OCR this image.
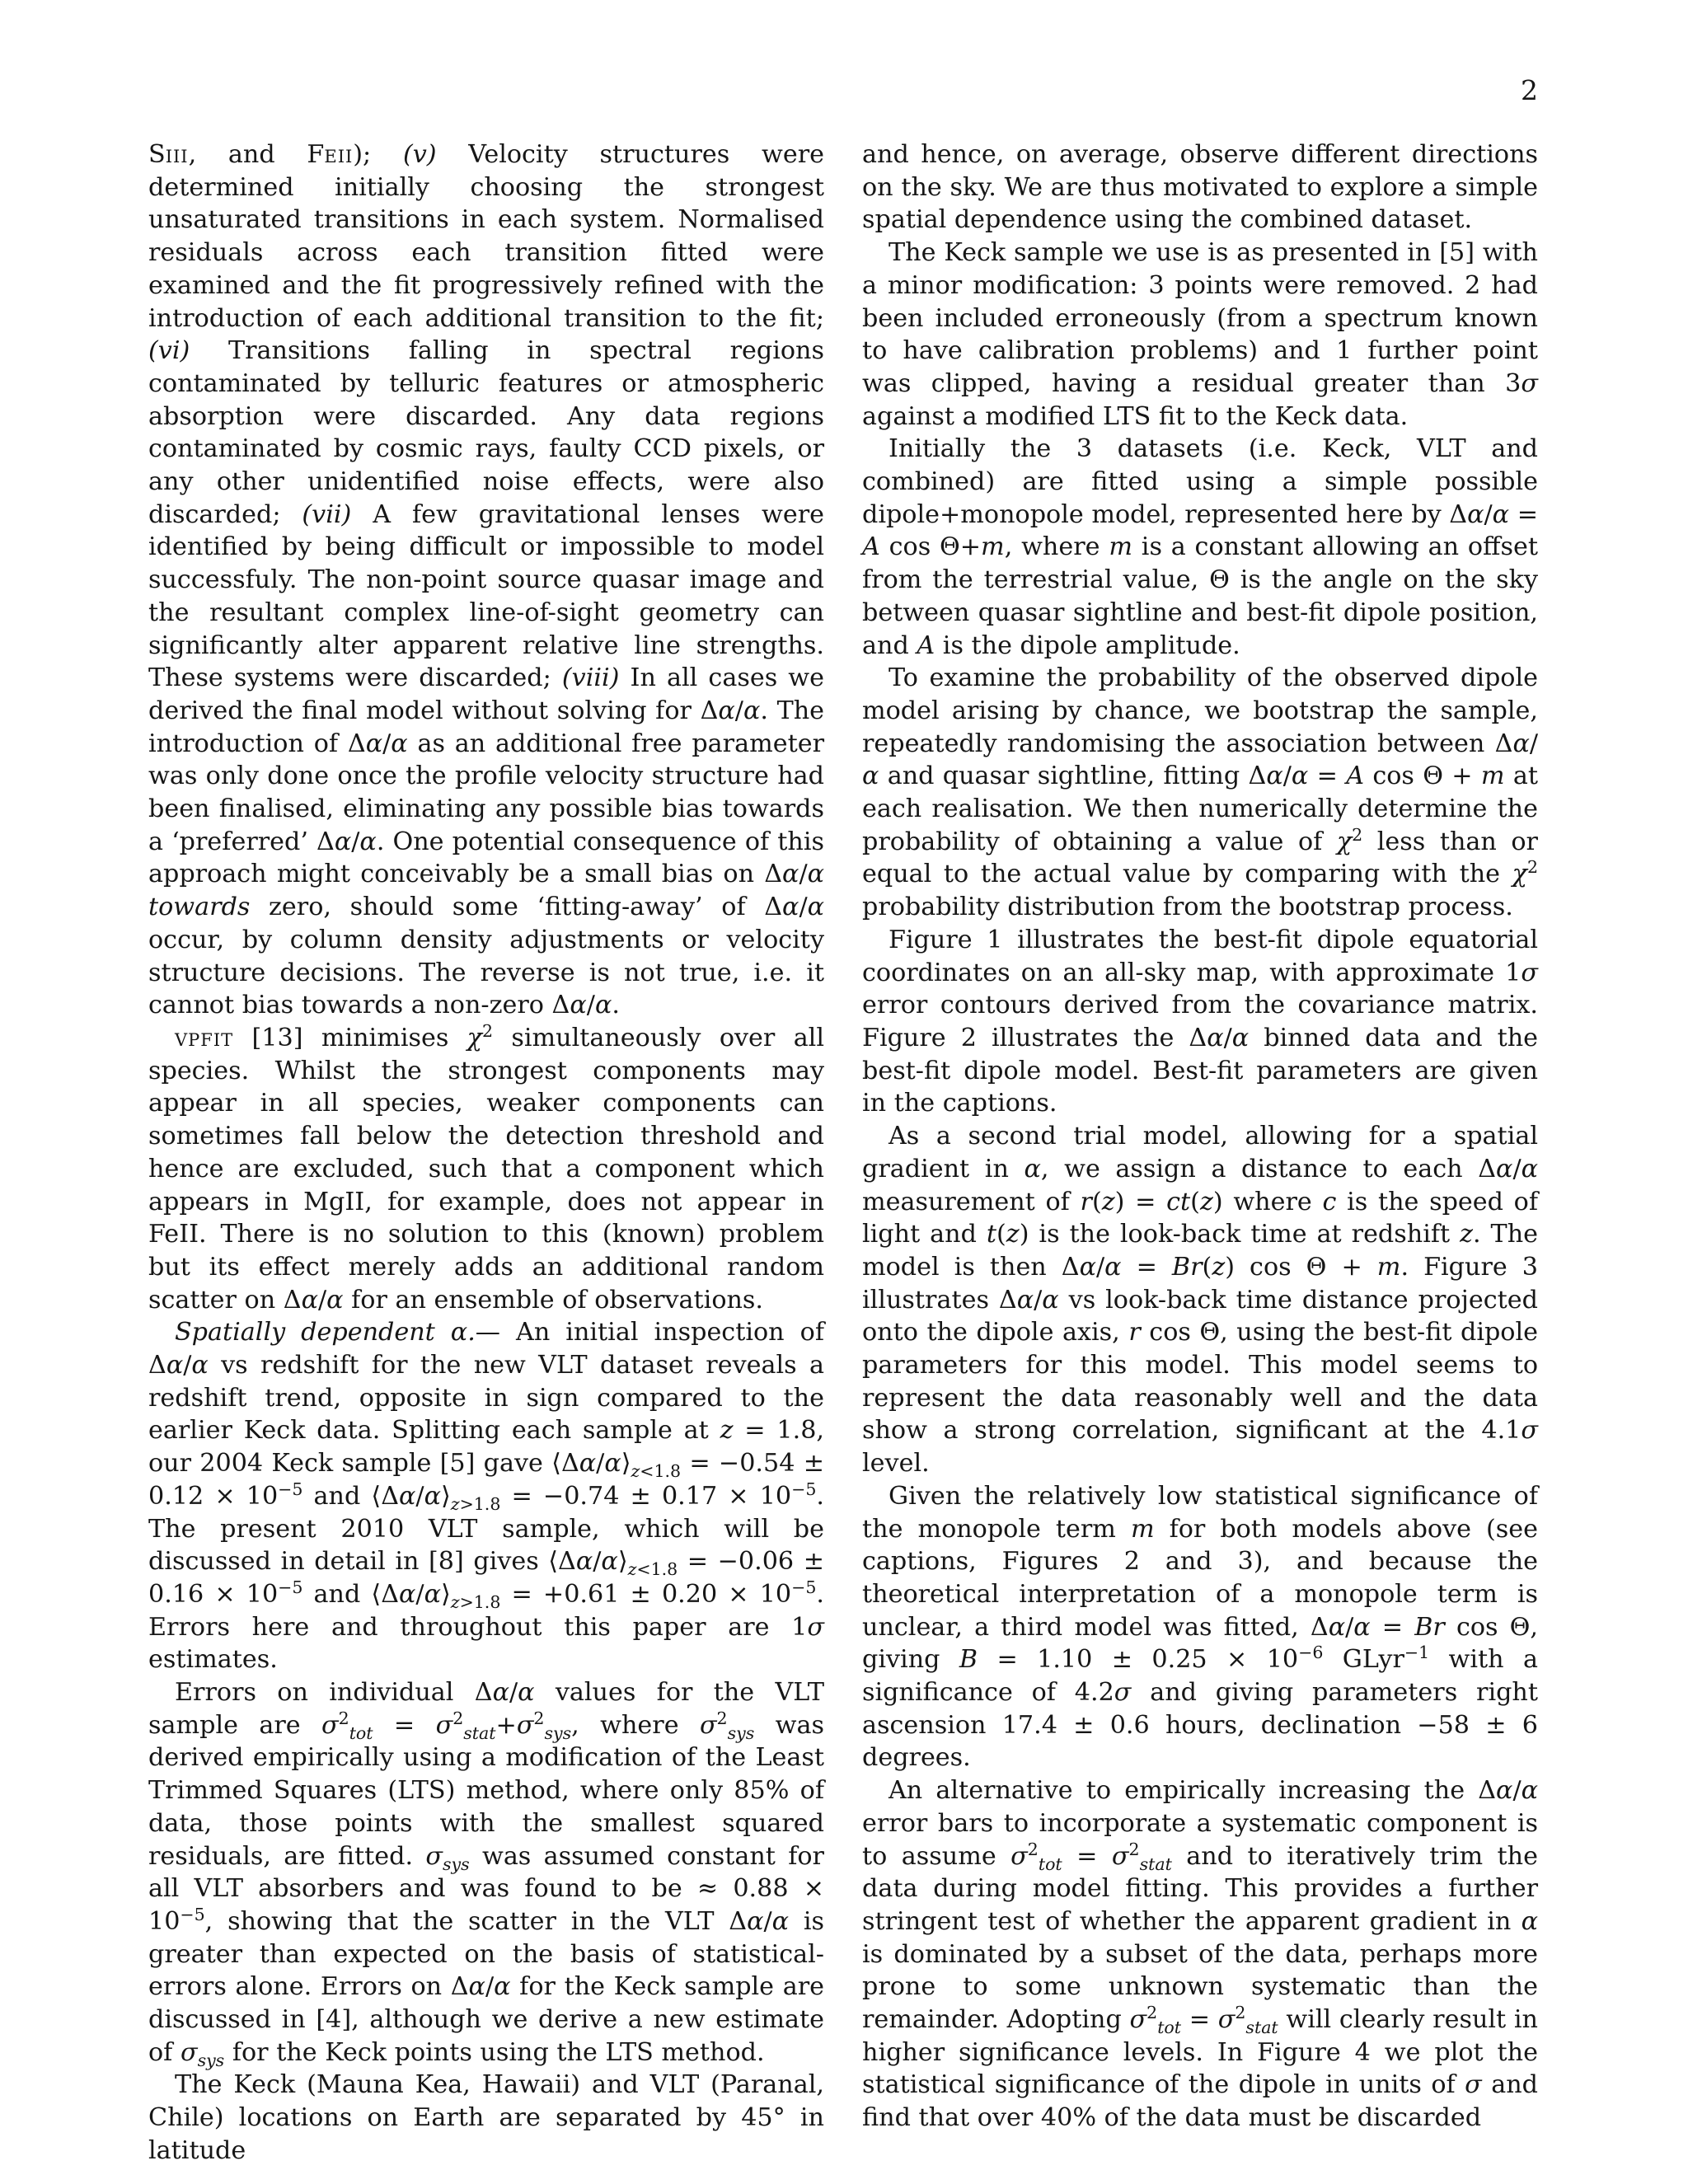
2

Siii, and Feii); (v) Velocity structures were determined initially choosing the strongest unsaturated transitions in each system. Normalised residuals across each transition fitted were examined and the fit progressively refined with the introduction of each additional transition to the fit; (vi) Transitions falling in spectral regions contaminated by telluric features or atmospheric absorption were discarded. Any data regions contaminated by cosmic rays, faulty CCD pixels, or any other unidentified noise effects, were also discarded; (vii) A few gravitational lenses were identified by being difficult or impossible to model successfuly. The non-point source quasar image and the resultant complex line-of-sight geometry can significantly alter apparent relative line strengths. These systems were discarded; (viii) In all cases we derived the final model without solving for Δα/α. The introduction of Δα/α as an additional free parameter was only done once the profile velocity structure had been finalised, eliminating any possible bias towards a ‘preferred’ Δα/α. One potential consequence of this approach might conceivably be a small bias on Δα/α towards zero, should some ‘fitting-away’ of Δα/α occur, by column density adjustments or velocity structure decisions. The reverse is not true, i.e. it cannot bias towards a non-zero Δα/α.

vpfit [13] minimises $\chi^2$ simultaneously over all species. Whilst the strongest components may appear in all species, weaker components can sometimes fall below the detection threshold and hence are excluded, such that a component which appears in MgII, for example, does not appear in FeII. There is no solution to this (known) problem but its effect merely adds an additional random scatter on Δα/α for an ensemble of observations.

Spatially dependent α.— An initial inspection of Δα/α vs redshift for the new VLT dataset reveals a redshift trend, opposite in sign compared to the earlier Keck data. Splitting each sample at z = 1.8, our 2004 Keck sample [5] gave $⟨\Delta\alpha/\alpha⟩_{z<1.8} = -0.54 \pm 0.12 \times 10^{-5}$ and $⟨\Delta\alpha/\alpha⟩_{z>1.8} = -0.74 \pm 0.17 \times 10^{-5}$. The present 2010 VLT sample, which will be discussed in detail in [8] gives $⟨\Delta\alpha/\alpha⟩_{z<1.8} = -0.06 \pm 0.16 \times 10^{-5}$ and $⟨\Delta\alpha/\alpha⟩_{z>1.8} = +0.61 \pm 0.20 \times 10^{-5}$. Errors here and throughout this paper are 1σ estimates.

Errors on individual Δα/α values for the VLT sample are $\sigma^2_{tot} = \sigma^2_{stat}+\sigma^2_{sys}$, where $\sigma^2_{sys}$ was derived empirically using a modification of the Least Trimmed Squares (LTS) method, where only 85% of data, those points with the smallest squared residuals, are fitted. $\sigma_{sys}$ was assumed constant for all VLT absorbers and was found to be ≈ $0.88 \times 10^{-5}$, showing that the scatter in the VLT Δα/α is greater than expected on the basis of statistical-errors alone. Errors on Δα/α for the Keck sample are discussed in [4], although we derive a new estimate of $\sigma_{sys}$ for the Keck points using the LTS method.

The Keck (Mauna Kea, Hawaii) and VLT (Paranal, Chile) locations on Earth are separated by 45° in latitude

and hence, on average, observe different directions on the sky. We are thus motivated to explore a simple spatial dependence using the combined dataset.

The Keck sample we use is as presented in [5] with a minor modification: 3 points were removed. 2 had been included erroneously (from a spectrum known to have calibration problems) and 1 further point was clipped, having a residual greater than 3σ against a modified LTS fit to the Keck data.

Initially the 3 datasets (i.e. Keck, VLT and combined) are fitted using a simple possible dipole+monopole model, represented here by Δα/α = A cos Θ+m, where m is a constant allowing an offset from the terrestrial value, Θ is the angle on the sky between quasar sightline and best-fit dipole position, and A is the dipole amplitude.

To examine the probability of the observed dipole model arising by chance, we bootstrap the sample, repeatedly randomising the association between Δα/α and quasar sightline, fitting Δα/α = A cos Θ + m at each realisation. We then numerically determine the probability of obtaining a value of $\chi^2$ less than or equal to the actual value by comparing with the $\chi^2$ probability distribution from the bootstrap process.

Figure 1 illustrates the best-fit dipole equatorial coordinates on an all-sky map, with approximate 1σ error contours derived from the covariance matrix. Figure 2 illustrates the Δα/α binned data and the best-fit dipole model. Best-fit parameters are given in the captions.

As a second trial model, allowing for a spatial gradient in α, we assign a distance to each Δα/α measurement of r(z) = ct(z) where c is the speed of light and t(z) is the look-back time at redshift z. The model is then Δα/α = Br(z) cos Θ + m. Figure 3 illustrates Δα/α vs look-back time distance projected onto the dipole axis, r cos Θ, using the best-fit dipole parameters for this model. This model seems to represent the data reasonably well and the data show a strong correlation, significant at the 4.1σ level.

Given the relatively low statistical significance of the monopole term m for both models above (see captions, Figures 2 and 3), and because the theoretical interpretation of a monopole term is unclear, a third model was fitted, Δα/α = Br cos Θ, giving $B = 1.10 \pm 0.25 \times 10^{-6}$ GLyr$^{-1}$ with a significance of 4.2σ and giving parameters right ascension 17.4 ± 0.6 hours, declination −58 ± 6 degrees.

An alternative to empirically increasing the Δα/α error bars to incorporate a systematic component is to assume $\sigma^2_{tot} = \sigma^2_{stat}$ and to iteratively trim the data during model fitting. This provides a further stringent test of whether the apparent gradient in α is dominated by a subset of the data, perhaps more prone to some unknown systematic than the remainder. Adopting $\sigma^2_{tot} = \sigma^2_{stat}$ will clearly result in higher significance levels. In Figure 4 we plot the statistical significance of the dipole in units of σ and find that over 40% of the data must be discarded
